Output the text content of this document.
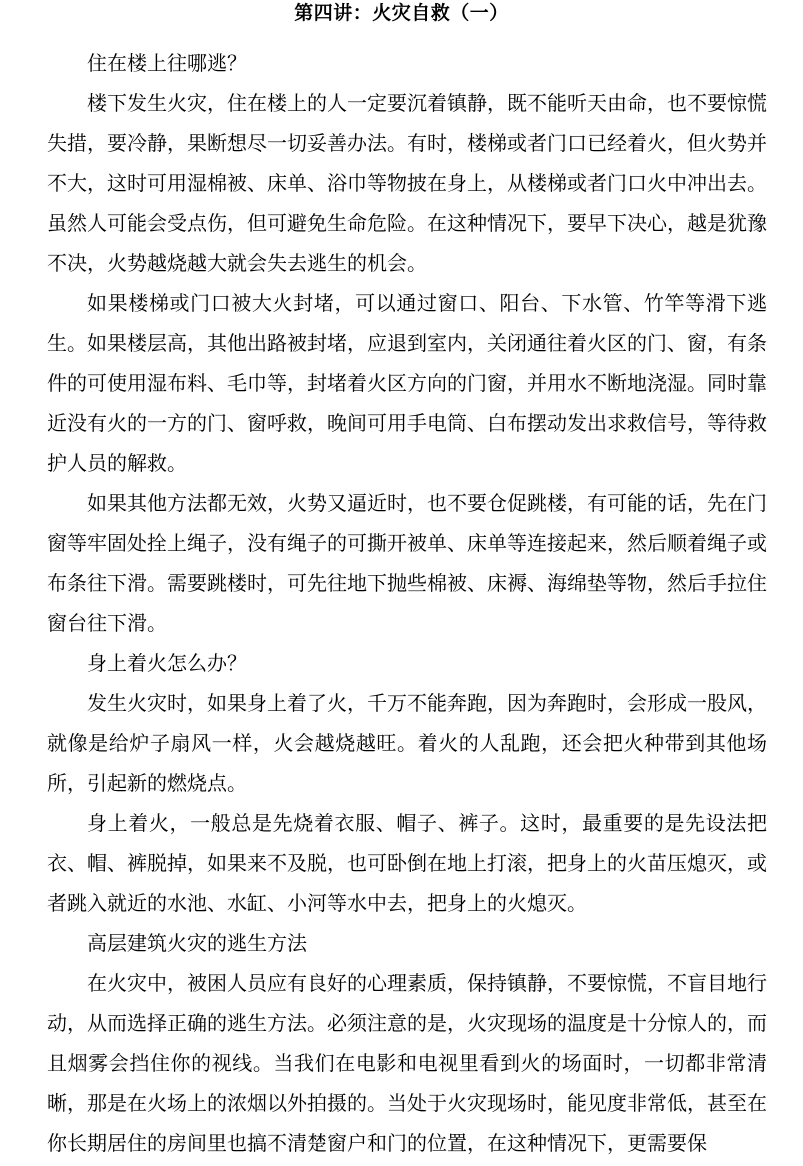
第四讲：火灾自救（一）

住在楼上往哪逃？

楼下发生火灾，住在楼上的人一定要沉着镇静，既不能听天由命，也不要惊慌失措，要冷静，果断想尽一切妥善办法。有时，楼梯或者门口已经着火，但火势并不大，这时可用湿棉被、床单、浴巾等物披在身上，从楼梯或者门口火中冲出去。虽然人可能会受点伤，但可避免生命危险。在这种情况下，要早下决心，越是犹豫不决，火势越烧越大就会失去逃生的机会。

如果楼梯或门口被大火封堵，可以通过窗口、阳台、下水管、竹竿等滑下逃生。如果楼层高，其他出路被封堵，应退到室内，关闭通往着火区的门、窗，有条件的可使用湿布料、毛巾等，封堵着火区方向的门窗，并用水不断地浇湿。同时靠近没有火的一方的门、窗呼救，晚间可用手电筒、白布摆动发出求救信号，等待救护人员的解救。

如果其他方法都无效，火势又逼近时，也不要仓促跳楼，有可能的话，先在门窗等牢固处拴上绳子，没有绳子的可撕开被单、床单等连接起来，然后顺着绳子或布条往下滑。需要跳楼时，可先往地下抛些棉被、床褥、海绵垫等物，然后手拉住窗台往下滑。

身上着火怎么办？

发生火灾时，如果身上着了火，千万不能奔跑，因为奔跑时，会形成一股风，就像是给炉子扇风一样，火会越烧越旺。着火的人乱跑，还会把火种带到其他场所，引起新的燃烧点。

身上着火，一般总是先烧着衣服、帽子、裤子。这时，最重要的是先设法把衣、帽、裤脱掉，如果来不及脱，也可卧倒在地上打滚，把身上的火苗压熄灭，或者跳入就近的水池、水缸、小河等水中去，把身上的火熄灭。

高层建筑火灾的逃生方法

在火灾中，被困人员应有良好的心理素质，保持镇静，不要惊慌，不盲目地行动，从而选择正确的逃生方法。必须注意的是，火灾现场的温度是十分惊人的，而且烟雾会挡住你的视线。当我们在电影和电视里看到火的场面时，一切都非常清晰，那是在火场上的浓烟以外拍摄的。当处于火灾现场时，能见度非常低，甚至在你长期居住的房间里也搞不清楚窗户和门的位置，在这种情况下，更需要保
